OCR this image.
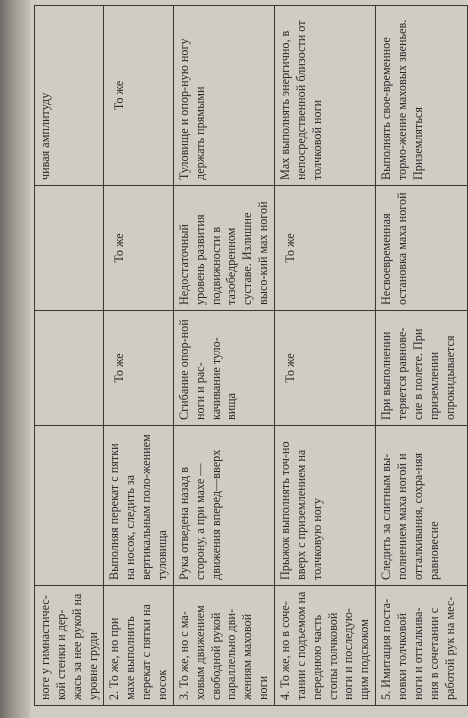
ноге у гимнастичес-кой стенки и дер-жась за нее рукой на уровне груди					чивая амплитуду
2. То же, но при махе выполнить перекат с пятки на носок	Выполняя перекат с пятки на носок, следить за вертикальным поло-жением туловища	То же	То же		То же
3. То же, но с ма-ховым движением свободной рукой параллельно дви-жениям маховой ноги	Рука отведена назад в сторону, а при махе — движения вперед—вверх	Сгибание опор-ной ноги и рас-качивание туло-вища	Недостаточный уровень развития подвижности в тазобедренном суставе. Излишне высо-кий мах ногой		Туловище и опор-ную ногу держать прямыми
4. То же, но в соче-тании с подъемом на переднюю часть стопы толчковой ноги и последую-щим подскоком	Прыжок выполнять точ-но вверх с приземлением на толчковую ногу	То же	То же		Мах выполнять энергично, в непосредственной близости от толчковой ноги
5. Имитация поста-новки толчковой ноги и отталкива-ния в сочетании с работой рук на мес-	Следить за слитным вы-полнением маха ногой и отталкивания, сохра-няя равновесие	При выполнении теряется равнове-сие в полете. При приземлении опрокидывается	Несвоевременная остановка маха ногой		Выполнять свое-временное тормо-жение маховых звеньев. Приземляться
